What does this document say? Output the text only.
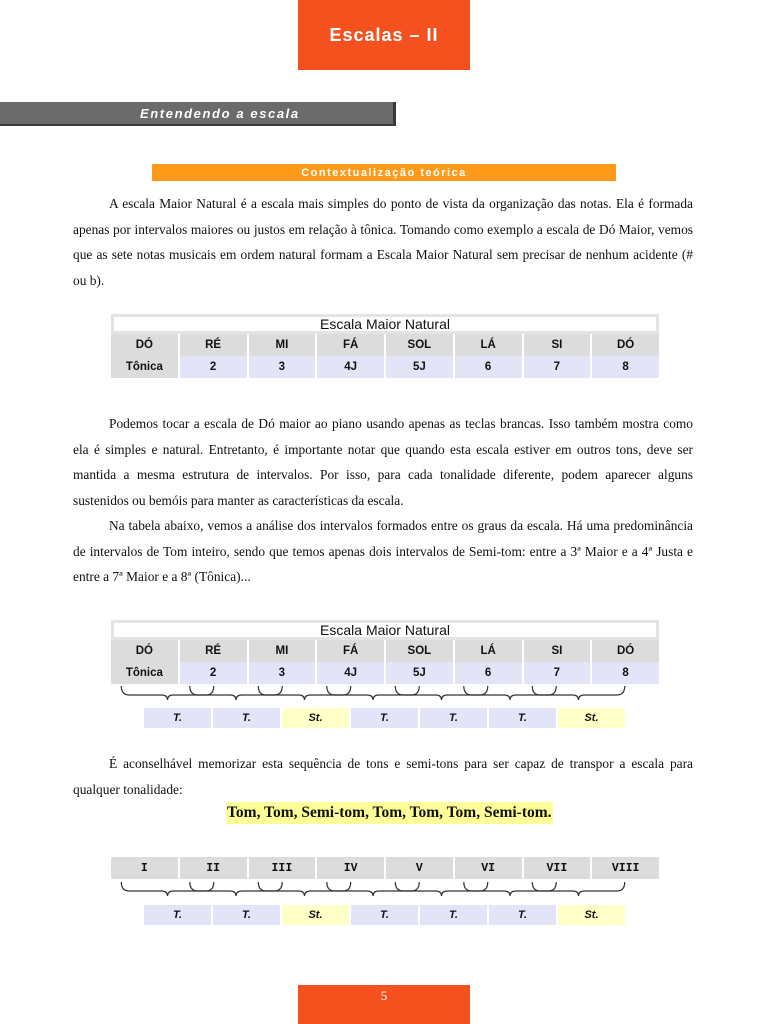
Escalas – II
Entendendo a escala
Contextualização teórica

A escala Maior Natural é a escala mais simples do ponto de vista da organização das notas. Ela é formada apenas por intervalos maiores ou justos em relação à tônica. Tomando como exemplo a escala de Dó Maior, vemos que as sete notas musicais em ordem natural formam a Escala Maior Natural sem precisar de nenhum acidente (# ou b).

Escala Maior Natural
DÓ	RÉ	MI	FÁ	SOL	LÁ	SI	DÓ
Tônica	2	3	4J	5J	6	7	8

Podemos tocar a escala de Dó maior ao piano usando apenas as teclas brancas. Isso também mostra como ela é simples e natural. Entretanto, é importante notar que quando esta escala estiver em outros tons, deve ser mantida a mesma estrutura de intervalos. Por isso, para cada tonalidade diferente, podem aparecer alguns sustenidos ou bemóis para manter as características da escala.

Na tabela abaixo, vemos a análise dos intervalos formados entre os graus da escala. Há uma predominância de intervalos de Tom inteiro, sendo que temos apenas dois intervalos de Semi-tom: entre a 3ª Maior e a 4ª Justa e entre a 7ª Maior e a 8ª (Tônica)...

Escala Maior Natural
DÓ	RÉ	MI	FÁ	SOL	LÁ	SI	DÓ
Tônica	2	3	4J	5J	6	7	8
T.	T.	St.	T.	T.	T.	St.

É aconselhável memorizar esta sequência de tons e semi-tons para ser capaz de transpor a escala para qualquer tonalidade:

Tom, Tom, Semi-tom, Tom, Tom, Tom, Semi-tom.
I	II	III	IV	V	VI	VII	VIII
T.	T.	St.	T.	T.	T.	St.
5
